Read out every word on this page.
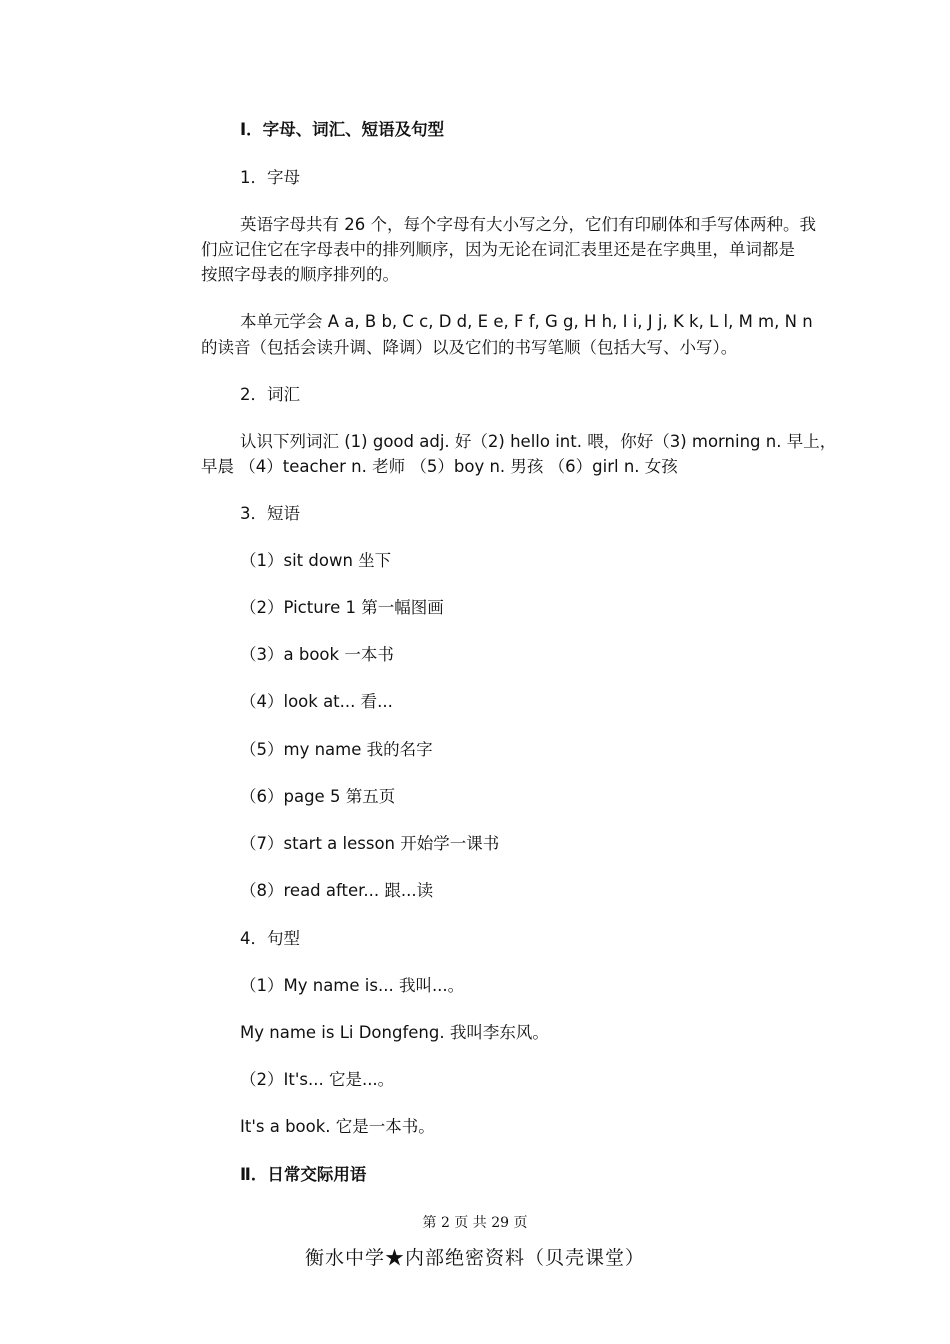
Ⅰ．字母、词汇、短语及句型
1．字母
英语字母共有 26 个，每个字母有大小写之分，它们有印刷体和手写体两种。我
们应记住它在字母表中的排列顺序，因为无论在词汇表里还是在字典里，单词都是
按照字母表的顺序排列的。
本单元学会 A a, B b, C c, D d, E e, F f, G g, H h, I i, J j, K k, L l, M m, N n
的读音（包括会读升调、降调）以及它们的书写笔顺（包括大写、小写）。
2．词汇
认识下列词汇 (1) good adj. 好（2) hello int. 喂，你好（3) morning n. 早上，
早晨 （4）teacher n. 老师 （5）boy n. 男孩 （6）girl n. 女孩
3．短语
（1）sit down 坐下
（2）Picture 1 第一幅图画
（3）a book 一本书
（4）look at... 看...
（5）my name 我的名字
（6）page 5 第五页
（7）start a lesson 开始学一课书
（8）read after... 跟...读
4．句型
（1）My name is... 我叫...。
My name is Li Dongfeng. 我叫李东风。
（2）It's... 它是...。
It's a book. 它是一本书。
Ⅱ．日常交际用语
第 2 页 共 29 页
衡水中学★内部绝密资料（贝壳课堂）
